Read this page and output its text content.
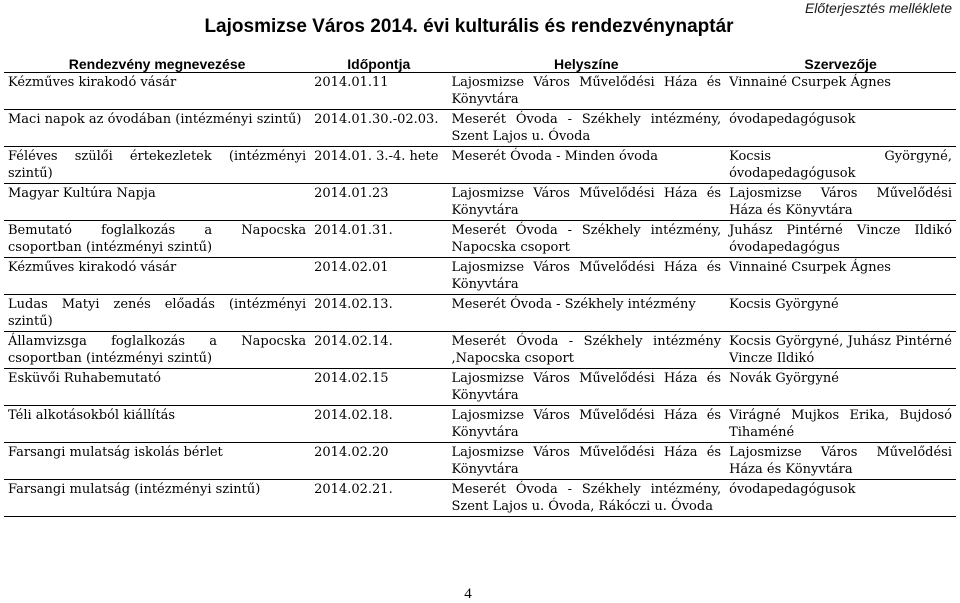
Előterjesztés melléklete
Lajosmizse Város 2014. évi kulturális és rendezvénynaptár
Rendezvény megnevezése	Időpontja	Helyszíne	Szervezője
Kézműves kirakodó vásár	2014.01.11	Lajosmizse Város Művelődési Háza és Könyvtára	Vinnainé Csurpek Ágnes
Maci napok az óvodában (intézményi szintű)	2014.01.30.-02.03.	Meserét Óvoda - Székhely intézmény, Szent Lajos u. Óvoda	óvodapedagógusok
Féléves szülői értekezletek (intézményi szintű)	2014.01. 3.-4. hete	Meserét Óvoda - Minden óvoda	Kocsis Györgyné, óvodapedagógusok
Magyar Kultúra Napja	2014.01.23	Lajosmizse Város Művelődési Háza és Könyvtára	Lajosmizse Város Művelődési Háza és Könyvtára
Bemutató foglalkozás a Napocska csoportban (intézményi szintű)	2014.01.31.	Meserét Óvoda - Székhely intézmény, Napocska csoport	Juhász Pintérné Vincze Ildikó óvodapedagógus
Kézműves kirakodó vásár	2014.02.01	Lajosmizse Város Művelődési Háza és Könyvtára	Vinnainé Csurpek Ágnes
Ludas Matyi zenés előadás (intézményi szintű)	2014.02.13.	Meserét Óvoda - Székhely intézmény	Kocsis Györgyné
Államvizsga foglalkozás a Napocska csoportban (intézményi szintű)	2014.02.14.	Meserét Óvoda - Székhely intézmény ,Napocska csoport	Kocsis Györgyné, Juhász Pintérné Vincze Ildikó
Esküvői Ruhabemutató	2014.02.15	Lajosmizse Város Művelődési Háza és Könyvtára	Novák Györgyné
Téli alkotásokból kiállítás	2014.02.18.	Lajosmizse Város Művelődési Háza és Könyvtára	Virágné Mujkos Erika, Bujdosó Tihaméné
Farsangi mulatság iskolás bérlet	2014.02.20	Lajosmizse Város Művelődési Háza és Könyvtára	Lajosmizse Város Művelődési Háza és Könyvtára
Farsangi mulatság (intézményi szintű)	2014.02.21.	Meserét Óvoda - Székhely intézmény, Szent Lajos u. Óvoda, Rákóczi u. Óvoda	óvodapedagógusok
4
